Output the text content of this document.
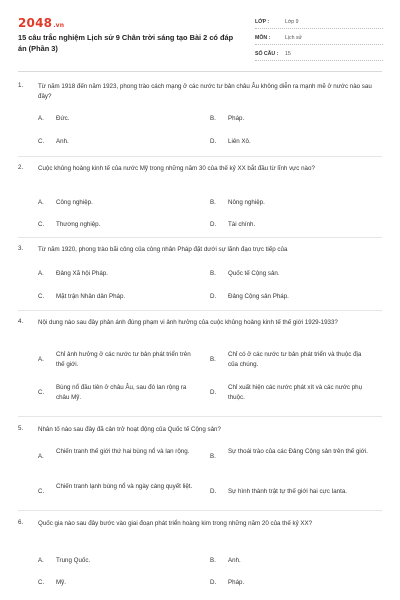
2048.vn
15 câu trắc nghiệm Lịch sử 9 Chân trời sáng tạo Bài 2 có đáp án (Phần 3)
LỚP :	Lớp 9
MÔN :	Lịch sử
SỐ CÂU :	15
1. Từ năm 1918 đến năm 1923, phong trào cách mạng ở các nước tư bản châu Âu không diễn ra mạnh mẽ ở nước nào sau đây?
A.	Đức.	B.	Pháp.
C.	Anh.	D.	Liên Xô.
2. Cuộc khủng hoảng kinh tế của nước Mỹ trong những năm 30 của thế kỷ XX bắt đầu từ lĩnh vực nào?
A.	Công nghiệp.	B.	Nông nghiệp.
C.	Thương nghiệp.	D.	Tài chính.
3. Từ năm 1920, phong trào bãi công của công nhân Pháp đặt dưới sự lãnh đạo trực tiếp của
A.	Đảng Xã hội Pháp.	B.	Quốc tế Cộng sản.
C.	Mặt trận Nhân dân Pháp.	D.	Đảng Cộng sản Pháp.
4. Nội dung nào sau đây phản ánh đúng phạm vi ảnh hưởng của cuộc khủng hoảng kinh tế thế giới 1929-1933?
A.
Chỉ ảnh hưởng ở các nước tư bản phát triển trên thế giới.
B.
Chỉ có ở các nước tư bản phát triển và thuộc địa của chúng.
C.
Bùng nổ đầu tiên ở châu Âu, sau đó lan rộng ra châu Mỹ.
D.
Chỉ xuất hiện các nước phát xít và các nước phụ thuộc.
5. Nhân tố nào sau đây đã cản trở hoạt động của Quốc tế Cộng sản?
A.
Chiến tranh thế giới thứ hai bùng nổ và lan rộng.
B.
Sự thoái trào của các Đảng Cộng sản trên thế giới.
C.
Chiến tranh lạnh bùng nổ và ngày càng quyết liệt.
D.	Sự hình thành trật tự thế giới hai cực Ianta.
6. Quốc gia nào sau đây bước vào giai đoạn phát triển hoàng kim trong những năm 20 của thế kỷ XX?
A.	Trung Quốc.	B.	Anh.
C.	Mỹ.	D.	Pháp.
